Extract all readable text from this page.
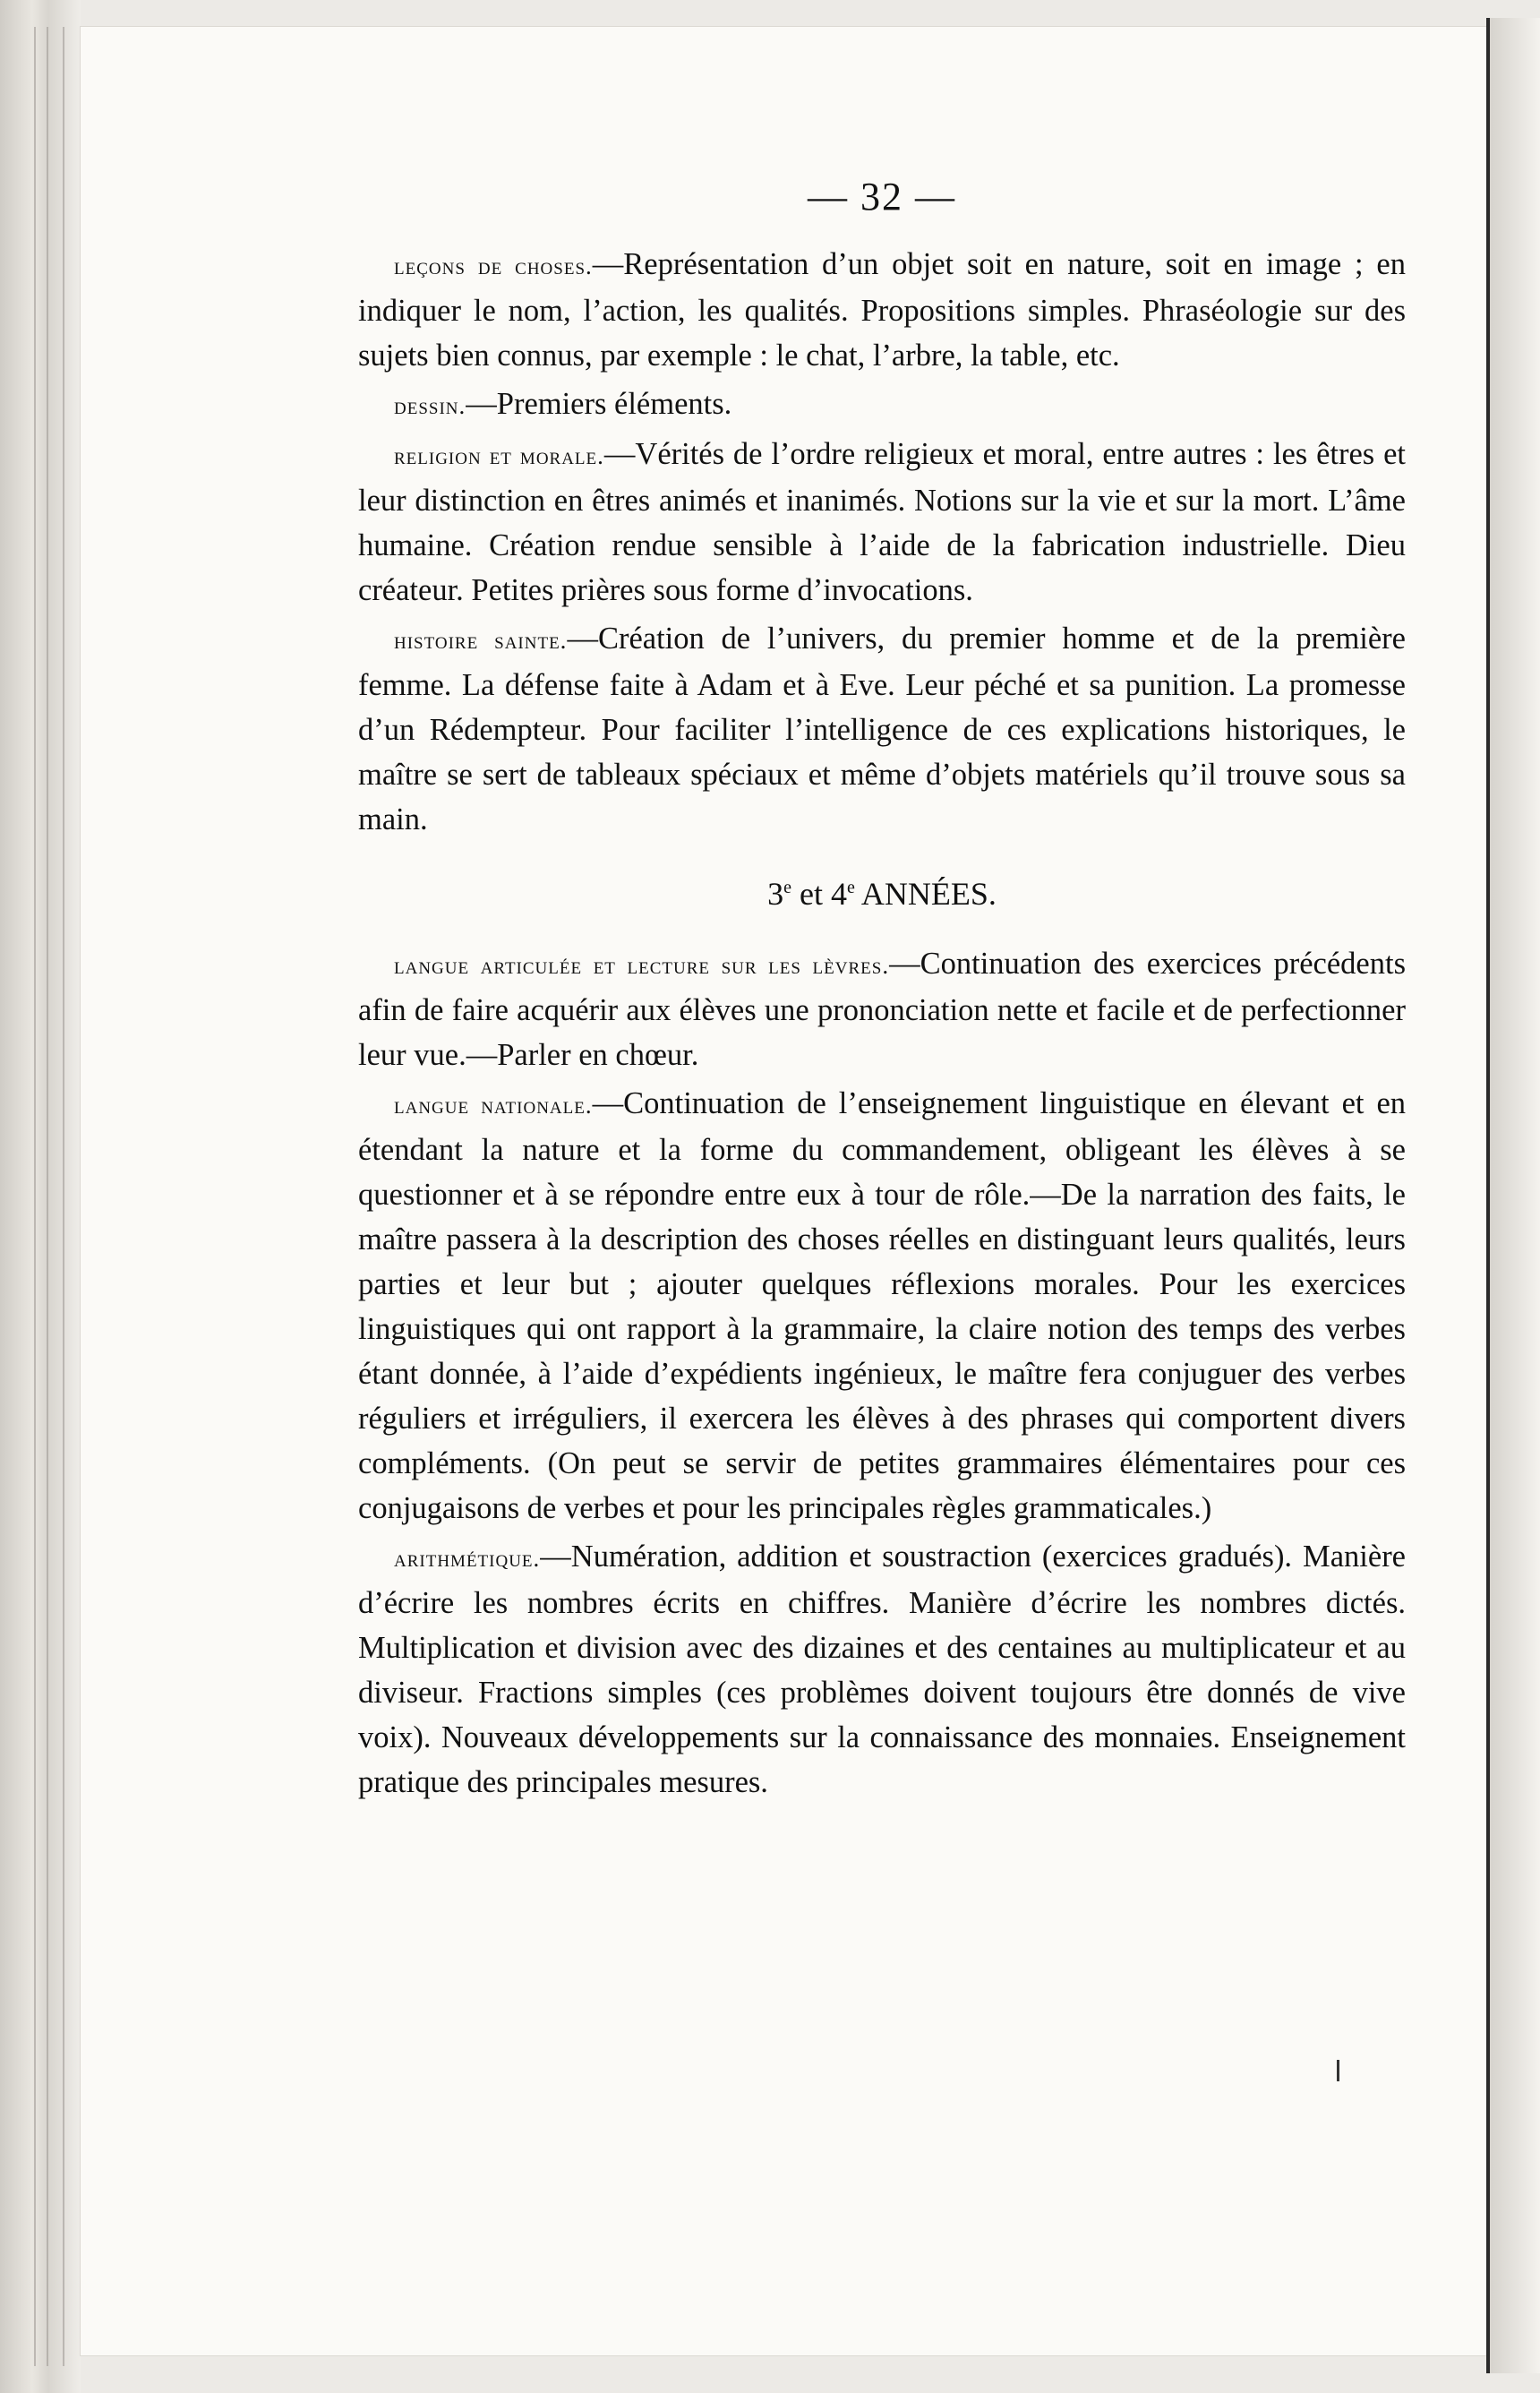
— 32 —

leçons de choses.—Représentation d’un objet soit en nature, soit en image ; en indiquer le nom, l’action, les qualités. Propositions simples. Phraséologie sur des sujets bien connus, par exemple : le chat, l’arbre, la table, etc.

dessin.—Premiers éléments.

religion et morale.—Vérités de l’ordre religieux et moral, entre autres : les êtres et leur distinction en êtres animés et inanimés. Notions sur la vie et sur la mort. L’âme humaine. Création rendue sensible à l’aide de la fabrication industrielle. Dieu créateur. Petites prières sous forme d’invocations.

histoire sainte.—Création de l’univers, du premier homme et de la première femme. La défense faite à Adam et à Eve. Leur péché et sa punition. La promesse d’un Rédempteur. Pour faciliter l’intelligence de ces explications historiques, le maître se sert de tableaux spéciaux et même d’objets matériels qu’il trouve sous sa main.

3e et 4e ANNÉES.

langue articulée et lecture sur les lèvres.—Continuation des exercices précédents afin de faire acquérir aux élèves une prononciation nette et facile et de perfectionner leur vue.—Parler en chœur.

langue nationale.—Continuation de l’enseignement linguistique en élevant et en étendant la nature et la forme du commandement, obligeant les élèves à se questionner et à se répondre entre eux à tour de rôle.—De la narration des faits, le maître passera à la description des choses réelles en distinguant leurs qualités, leurs parties et leur but ; ajouter quelques réflexions morales. Pour les exercices linguistiques qui ont rapport à la grammaire, la claire notion des temps des verbes étant donnée, à l’aide d’expédients ingénieux, le maître fera conjuguer des verbes réguliers et irréguliers, il exercera les élèves à des phrases qui comportent divers compléments. (On peut se servir de petites grammaires élémentaires pour ces conjugaisons de verbes et pour les principales règles grammaticales.)

arithmétique.—Numération, addition et soustraction (exercices gradués). Manière d’écrire les nombres écrits en chiffres. Manière d’écrire les nombres dictés. Multiplication et division avec des dizaines et des centaines au multiplicateur et au diviseur. Fractions simples (ces problèmes doivent toujours être donnés de vive voix). Nouveaux développements sur la connaissance des monnaies. Enseignement pratique des principales mesures.
